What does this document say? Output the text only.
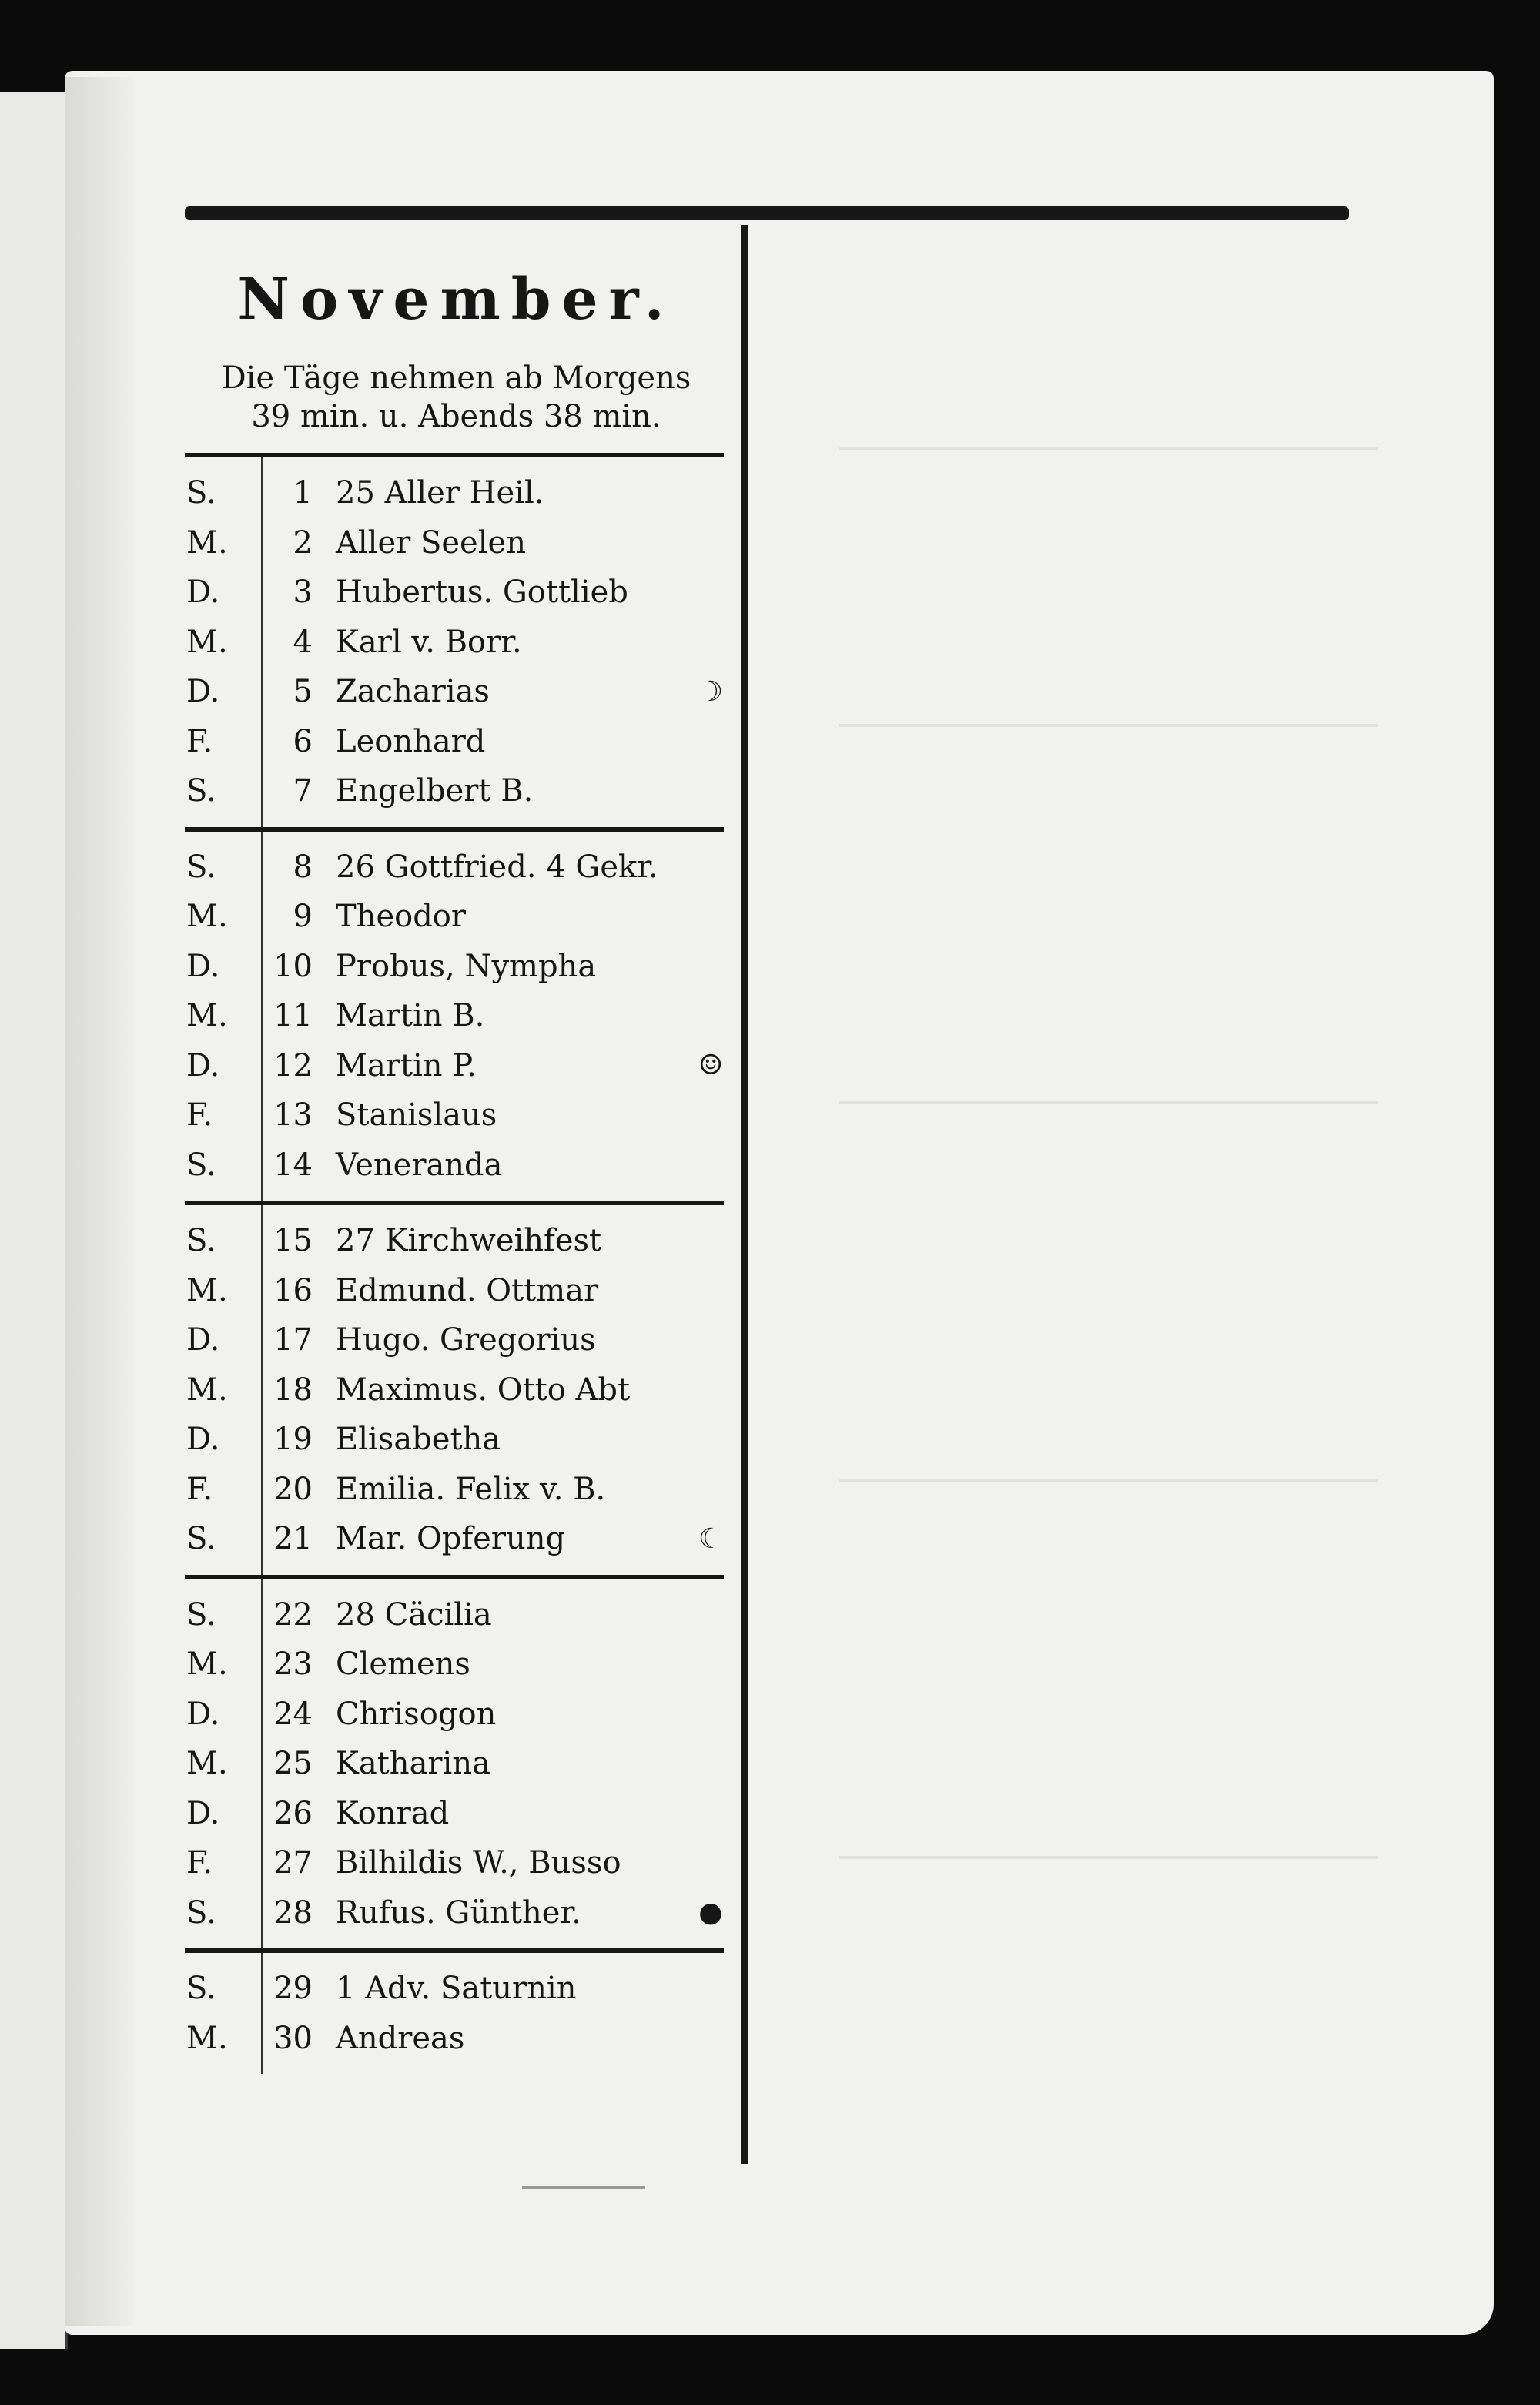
November.
Die Täge nehmen ab Morgens
39 min. u. Abends 38 min.
S.	1 25 Aller Heil.
M.	2 Aller Seelen
D.	3 Hubertus. Gottlieb
M.	4 Karl v. Borr.
D.	5 Zacharias	☽
F.	6 Leonhard
S.	7 Engelbert B.
S.	8 26 Gottfried. 4 Gekr.
M.	9 Theodor
D.	10 Probus, Nympha
M.	11 Martin B.
D.	12 Martin P.	☺
F.	13 Stanislaus
S.	14 Veneranda
S.	15 27 Kirchweihfest
M.	16 Edmund. Ottmar
D.	17 Hugo. Gregorius
M.	18 Maximus. Otto Abt
D.	19 Elisabetha
F.	20 Emilia. Felix v. B.
S.	21 Mar. Opferung	☾
S.	22 28 Cäcilia
M.	23 Clemens
D.	24 Chrisogon
M.	25 Katharina
D.	26 Konrad
F.	27 Bilhildis W., Busso
S.	28 Rufus. Günther.	●
S.	29 1 Adv. Saturnin
M.	30 Andreas
